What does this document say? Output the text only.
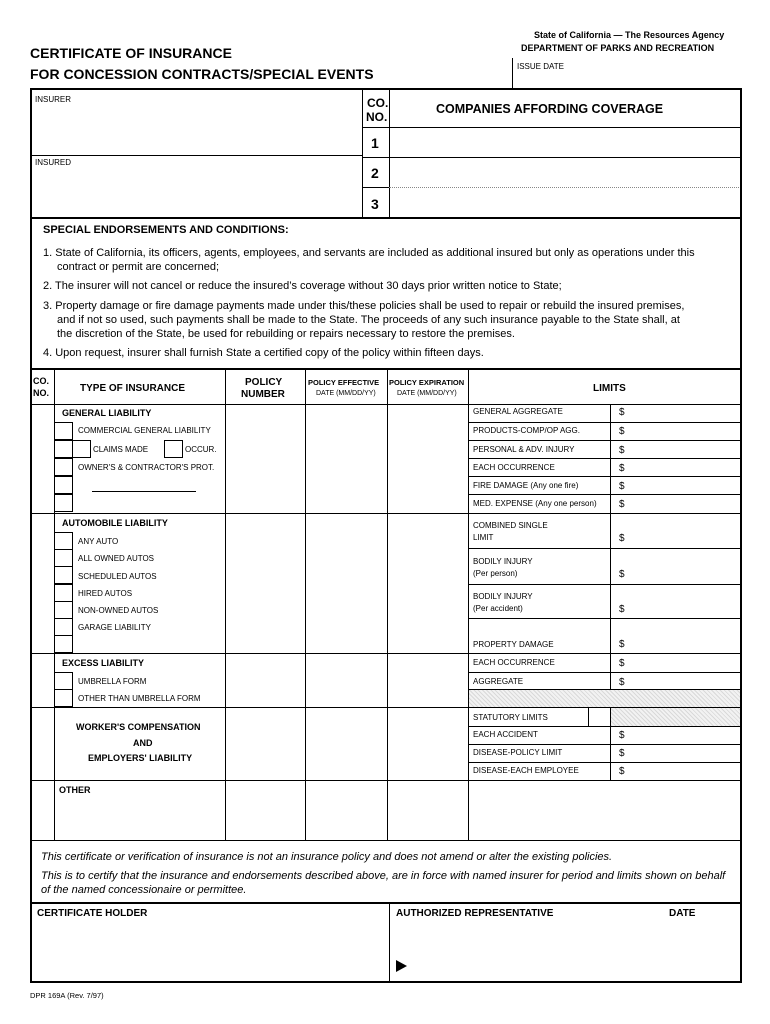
State of California — The Resources Agency
DEPARTMENT OF PARKS AND RECREATION
CERTIFICATE OF INSURANCE
FOR CONCESSION CONTRACTS/SPECIAL EVENTS	ISSUE DATE
INSURER
INSURED
CO.
NO.
COMPANIES AFFORDING COVERAGE
1
2
3
SPECIAL ENDORSEMENTS AND CONDITIONS:
1. State of California, its officers, agents, employees, and servants are included as additional insured but only as operations under this
contract or permit are concerned;
2. The insurer will not cancel or reduce the insured’s coverage without 30 days prior written notice to State;
3. Property damage or fire damage payments made under this/these policies shall be used to repair or rebuild the insured premises,
and if not so used, such payments shall be made to the State. The proceeds of any such insurance payable to the State shall, at
the discretion of the State, be used for rebuilding or repairs necessary to restore the premises.
4. Upon request, insurer shall furnish State a certified copy of the policy within fifteen days.
CO.
NO.	TYPE OF INSURANCE
POLICY
NUMBER
POLICY EFFECTIVE
DATE (MM/DD/YY)
POLICY EXPIRATION
DATE (MM/DD/YY)	LIMITS
GENERAL LIABILITY
COMMERCIAL GENERAL LIABILITY
CLAIMS MADE	OCCUR.
OWNER'S & CONTRACTOR'S PROT.
GENERAL AGGREGATE	$
PRODUCTS-COMP/OP AGG.	$
PERSONAL & ADV. INJURY	$
EACH OCCURRENCE	$
FIRE DAMAGE (Any one fire)	$
MED. EXPENSE (Any one person) $
AUTOMOBILE LIABILITY
ANY AUTO
ALL OWNED AUTOS
SCHEDULED AUTOS
HIRED AUTOS
NON-OWNED AUTOS
GARAGE LIABILITY
COMBINED SINGLE
LIMIT	$
BODILY INJURY
(Per person)	$
BODILY INJURY
(Per accident)	$
PROPERTY DAMAGE	$
EXCESS LIABILITY
UMBRELLA FORM
OTHER THAN UMBRELLA FORM
EACH OCCURRENCE	$
AGGREGATE	$
WORKER'S COMPENSATION
AND
EMPLOYERS' LIABILITY
STATUTORY LIMITS
EACH ACCIDENT	$
DISEASE-POLICY LIMIT	$
DISEASE-EACH EMPLOYEE	$
OTHER
This certificate or verification of insurance is not an insurance policy and does not amend or alter the existing policies.
This is to certify that the insurance and endorsements described above, are in force with named insurer for period and limits shown on behalf
of the named concessionaire or permittee.
CERTIFICATE HOLDER	AUTHORIZED REPRESENTATIVE	DATE
DPR 169A (Rev. 7/97)
